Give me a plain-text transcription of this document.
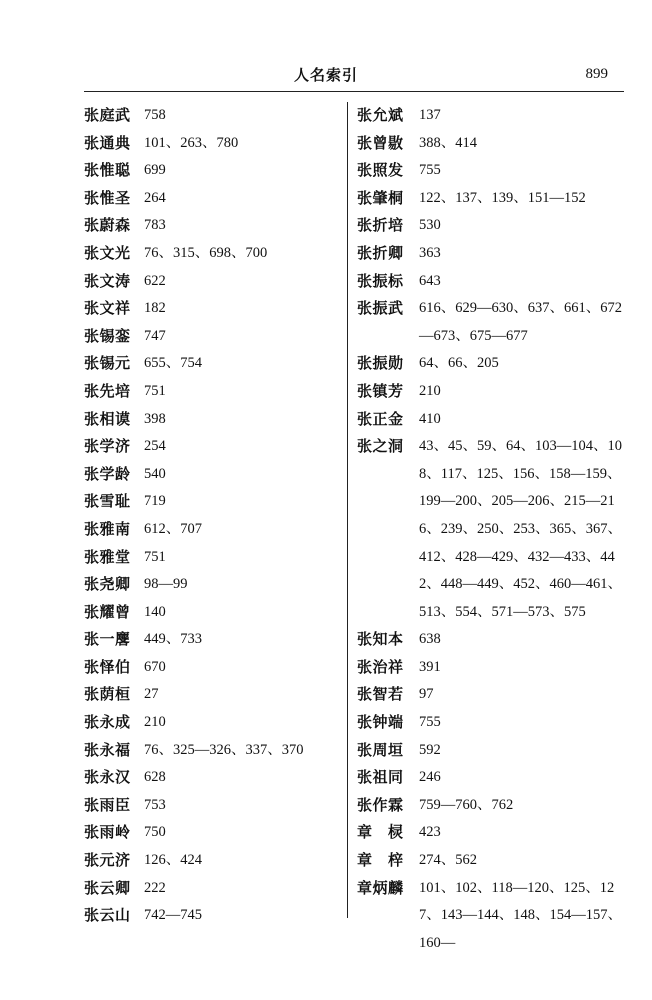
人名索引	899
张庭武 758
张通典 101、263、780
张惟聪 699
张惟圣 264
张蔚森 783
张文光 76、315、698、700
张文涛 622
张文祥 182
张锡銮 747
张锡元 655、754
张先培 751
张相谟 398
张学济 254
张学龄 540
张雪耻 719
张雅南 612、707
张雅堂 751
张尧卿 98—99
张耀曾 140
张一麐 449、733
张怿伯 670
张荫桓 27
张永成 210
张永福 76、325—326、337、370
张永汉 628
张雨臣 753
张雨岭 750
张元济 126、424
张云卿 222
张云山 742—745
张允斌	137
张曾敭	388、414
张照发	755
张肇桐	122、137、139、151—152
张折培	530
张折卿	363
张振标	643
张振武	616、629—630、637、661、672—673、675—677
张振勋	64、66、205
张镇芳	210
张正金	410
张之洞	43、45、59、64、103—104、108、117、125、156、158—159、199—200、205—206、215—216、239、250、253、365、367、412、428—429、432—433、442、448—449、452、460—461、513、554、571—573、575
张知本	638
张治祥	391
张智若	97
张钟端	755
张周垣	592
张祖同	246
张作霖	759—760、762
章　棂	423
章　梓	274、562
章炳麟	101、102、118—120、125、127、143—144、148、154—157、160—
